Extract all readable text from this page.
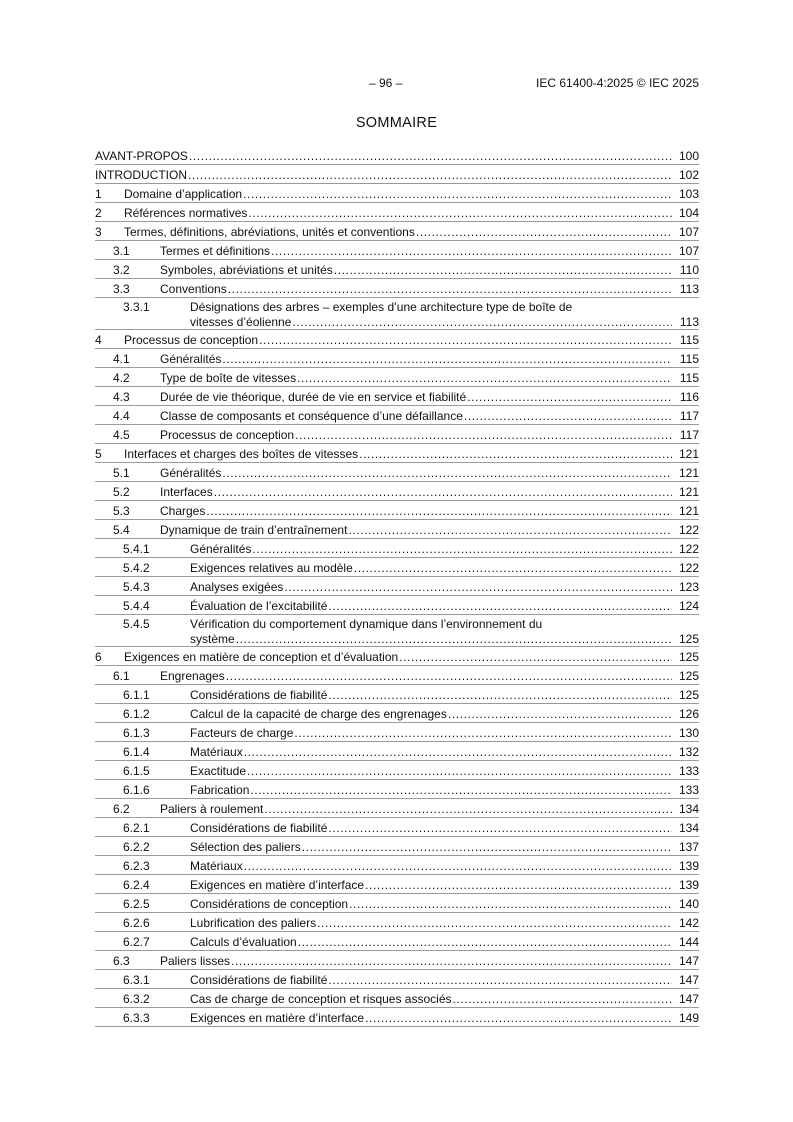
– 96 –	IEC 61400-4:2025 © IEC 2025
SOMMAIRE
AVANT-PROPOS .....	100
INTRODUCTION .....	102
1	Domaine d’application .....	103
2	Références normatives .....	104
3	Termes, définitions, abréviations, unités et conventions .....	107
3.1	Termes et définitions .....	107
3.2	Symboles, abréviations et unités .....	110
3.3	Conventions .....	113
3.3.1	Désignations des arbres – exemples d’une architecture type de boîte de
vitesses d’éolienne .....	113
4	Processus de conception .....	115
4.1	Généralités .....	115
4.2	Type de boîte de vitesses .....	115
4.3	Durée de vie théorique, durée de vie en service et fiabilité .....	116
4.4	Classe de composants et conséquence d’une défaillance .....	117
4.5	Processus de conception .....	117
5	Interfaces et charges des boîtes de vitesses .....	121
5.1	Généralités .....	121
5.2	Interfaces .....	121
5.3	Charges .....	121
5.4	Dynamique de train d’entraînement .....	122
5.4.1	Généralités .....	122
5.4.2	Exigences relatives au modèle .....	122
5.4.3	Analyses exigées .....	123
5.4.4	Évaluation de l’excitabilité .....	124
5.4.5	Vérification du comportement dynamique dans l’environnement du
système .....	125
6	Exigences en matière de conception et d’évaluation .....	125
6.1	Engrenages .....	125
6.1.1	Considérations de fiabilité .....	125
6.1.2	Calcul de la capacité de charge des engrenages .....	126
6.1.3	Facteurs de charge .....	130
6.1.4	Matériaux .....	132
6.1.5	Exactitude .....	133
6.1.6	Fabrication .....	133
6.2	Paliers à roulement .....	134
6.2.1	Considérations de fiabilité .....	134
6.2.2	Sélection des paliers .....	137
6.2.3	Matériaux .....	139
6.2.4	Exigences en matière d’interface .....	139
6.2.5	Considérations de conception .....	140
6.2.6	Lubrification des paliers .....	142
6.2.7	Calculs d’évaluation .....	144
6.3	Paliers lisses .....	147
6.3.1	Considérations de fiabilité .....	147
6.3.2	Cas de charge de conception et risques associés .....	147
6.3.3	Exigences en matière d’interface .....	149
